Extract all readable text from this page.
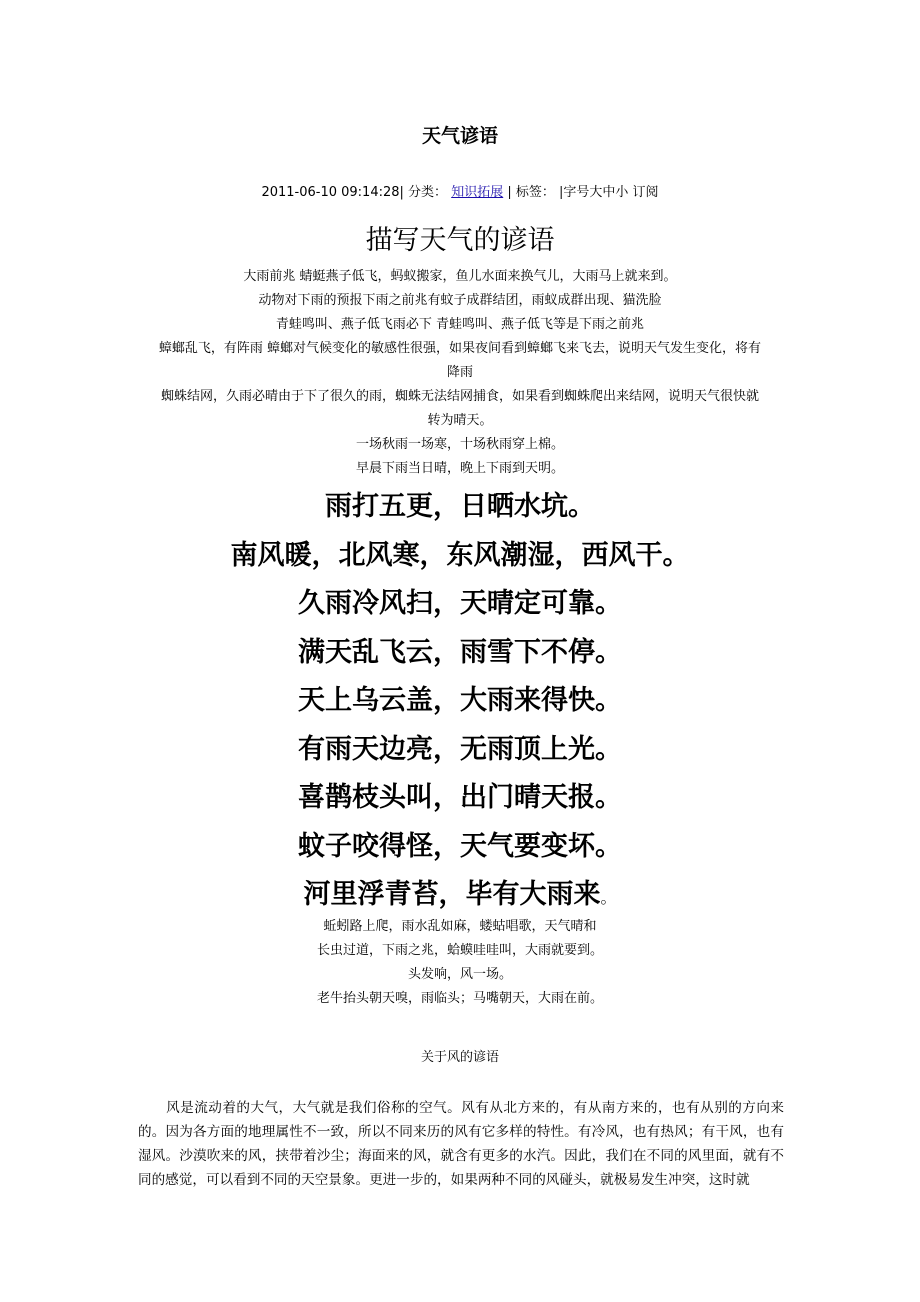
天气谚语
2011-06-10 09:14:28| 分类： 知识拓展 | 标签： |字号大中小 订阅
描写天气的谚语

大雨前兆 蜻蜓燕子低飞，蚂蚁搬家，鱼儿水面来换气儿，大雨马上就来到。

动物对下雨的预报下雨之前兆有蚊子成群结团，雨蚁成群出现、猫洗脸

青蛙鸣叫、燕子低飞雨必下 青蛙鸣叫、燕子低飞等是下雨之前兆

蟑螂乱飞，有阵雨 蟑螂对气候变化的敏感性很强，如果夜间看到蟑螂飞来飞去，说明天气发生变化，将有

降雨

蜘蛛结网，久雨必晴由于下了很久的雨，蜘蛛无法结网捕食，如果看到蜘蛛爬出来结网，说明天气很快就

转为晴天。

一场秋雨一场寒，十场秋雨穿上棉。

早晨下雨当日晴，晚上下雨到天明。

雨打五更，日晒水坑。

南风暖，北风寒，东风潮湿，西风干。

久雨冷风扫，天晴定可靠。

满天乱飞云，雨雪下不停。

天上乌云盖，大雨来得快。

有雨天边亮，无雨顶上光。

喜鹊枝头叫，出门晴天报。

蚊子咬得怪，天气要变坏。

河里浮青苔，毕有大雨来。

蚯蚓路上爬，雨水乱如麻，蝼蛄唱歌，天气晴和

长虫过道，下雨之兆，蛤蟆哇哇叫，大雨就要到。

头发响，风一场。

老牛抬头朝天嗅，雨临头；马嘴朝天，大雨在前。

关于风的谚语

　　风是流动着的大气，大气就是我们俗称的空气。风有从北方来的，有从南方来的，也有从别的方向来的。因为各方面的地理属性不一致，所以不同来历的风有它多样的特性。有冷风，也有热风；有干风，也有湿风。沙漠吹来的风，挟带着沙尘；海面来的风，就含有更多的水汽。因此，我们在不同的风里面，就有不同的感觉，可以看到不同的天空景象。更进一步的，如果两种不同的风碰头，就极易发生冲突，这时就
